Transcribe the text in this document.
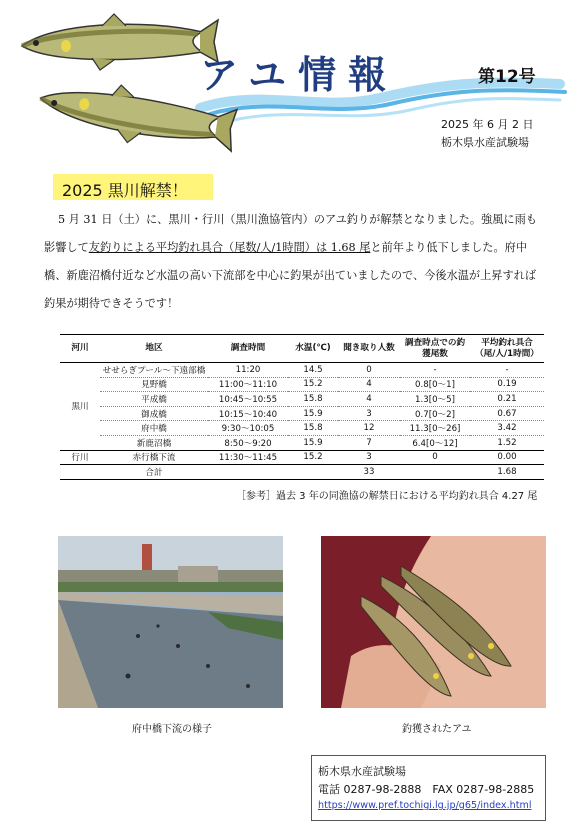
アユ情報	第12号
2025 年 6 月 2 日
栃木県水産試験場
2025 黒川解禁！
5 月 31 日（土）に、黒川・行川（黒川漁協管内）のアユ釣りが解禁となりました。強風に雨も影響して友釣りによる平均釣れ具合（尾数/人/1時間）は 1.68 尾と前年より低下しました。府中橋、新鹿沼橋付近など水温の高い下流部を中心に釣果が出ていましたので、今後水温が上昇すれば釣果が期待できそうです！
河川	地区	調査時間	水温(℃)	聞き取り人数	調査時点での釣獲尾数	平均釣れ具合（尾/人/1時間）
黒川	せせらぎプール〜下遠部橋	11:20	14.5	0	-	-
	見野橋	11:00〜11:10	15.2	4	0.8[0〜1]	0.19
	平成橋	10:45〜10:55	15.8	4	1.3[0〜5]	0.21
	御成橋	10:15〜10:40	15.9	3	0.7[0〜2]	0.67
	府中橋	9:30〜10:05	15.8	12	11.3[0〜26]	3.42
	新鹿沼橋	8:50〜9:20	15.9	7	6.4[0〜12]	1.52
行川	赤行橋下流	11:30〜11:45	15.2	3	0	0.00
	合計			33		1.68
［参考］過去 3 年の同漁協の解禁日における平均釣れ具合 4.27 尾
府中橋下流の様子	釣獲されたアユ
栃木県水産試験場
電話 0287-98-2888　FAX 0287-98-2885
https://www.pref.tochigi.lg.jp/g65/index.html
